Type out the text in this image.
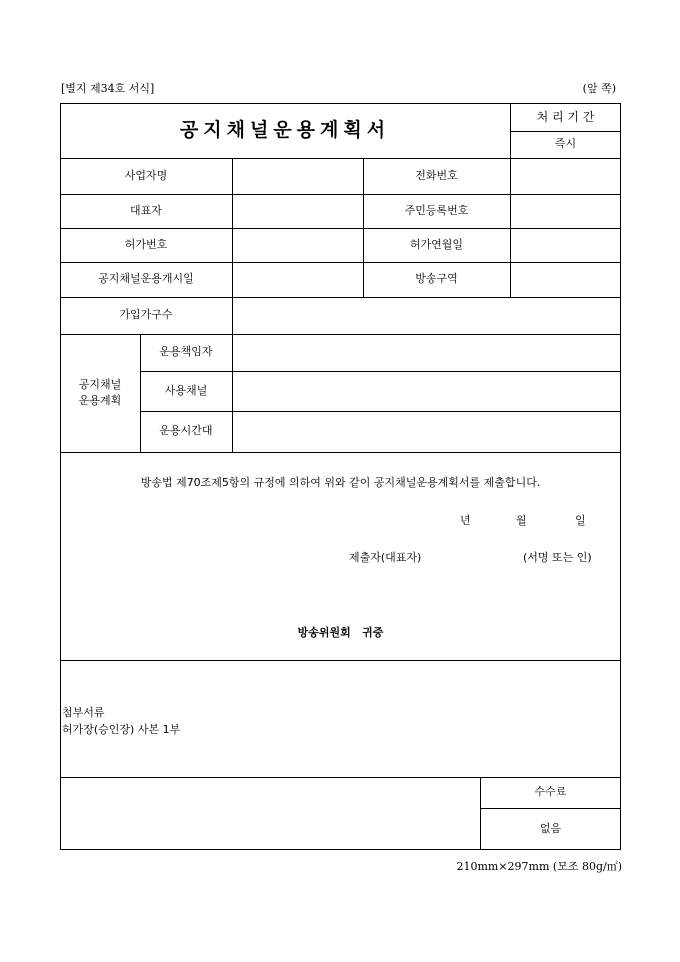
[별지 제34호 서식]	(앞 쪽)
공지채널운용계획서
처 리 기 간
즉시
사업자명	전화번호
대표자	주민등록번호
허가번호	허가연월일
공지채널운용개시일	방송구역
가입가구수
공지채널
운용계획
운용책임자
사용채널
운용시간대
방송법 제70조제5항의 규정에 의하여 위와 같이 공지채널운용계획서를 제출합니다.
년	월	일
제출자(대표자)	(서명 또는 인)
방송위원회   귀중
첨부서류
허가장(승인장) 사본 1부
수수료
없음
210mm×297mm (모조 80g/㎡)
